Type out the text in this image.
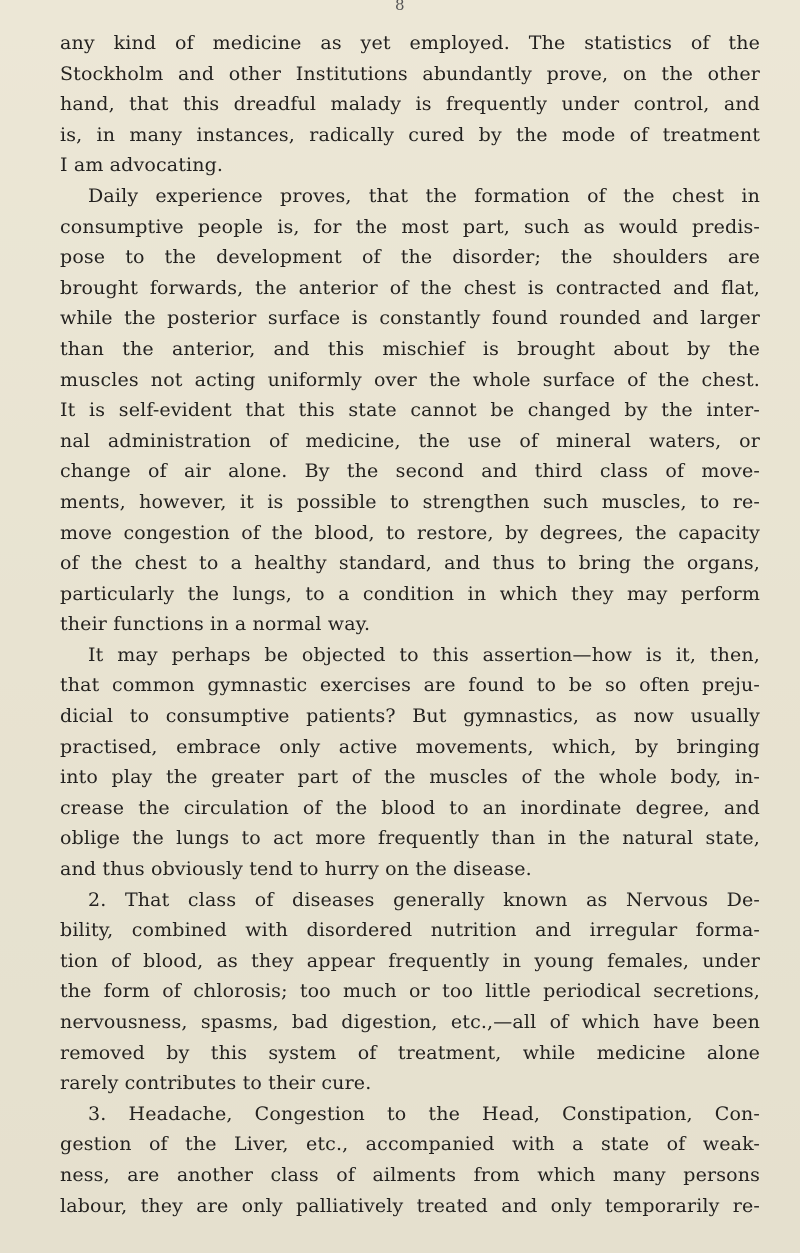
8
any kind of medicine as yet employed. The statistics of the
Stockholm and other Institutions abundantly prove, on the other
hand, that this dreadful malady is frequently under control, and
is, in many instances, radically cured by the mode of treatment
I am advocating.
Daily experience proves, that the formation of the chest in
consumptive people is, for the most part, such as would predis-
pose to the development of the disorder; the shoulders are
brought forwards, the anterior of the chest is contracted and flat,
while the posterior surface is constantly found rounded and larger
than the anterior, and this mischief is brought about by the
muscles not acting uniformly over the whole surface of the chest.
It is self-evident that this state cannot be changed by the inter-
nal administration of medicine, the use of mineral waters, or
change of air alone. By the second and third class of move-
ments, however, it is possible to strengthen such muscles, to re-
move congestion of the blood, to restore, by degrees, the capacity
of the chest to a healthy standard, and thus to bring the organs,
particularly the lungs, to a condition in which they may perform
their functions in a normal way.
It may perhaps be objected to this assertion—how is it, then,
that common gymnastic exercises are found to be so often preju-
dicial to consumptive patients? But gymnastics, as now usually
practised, embrace only active movements, which, by bringing
into play the greater part of the muscles of the whole body, in-
crease the circulation of the blood to an inordinate degree, and
oblige the lungs to act more frequently than in the natural state,
and thus obviously tend to hurry on the disease.
2. That class of diseases generally known as Nervous De-
bility, combined with disordered nutrition and irregular forma-
tion of blood, as they appear frequently in young females, under
the form of chlorosis; too much or too little periodical secretions,
nervousness, spasms, bad digestion, etc.,—all of which have been
removed by this system of treatment, while medicine alone
rarely contributes to their cure.
3. Headache, Congestion to the Head, Constipation, Con-
gestion of the Liver, etc., accompanied with a state of weak-
ness, are another class of ailments from which many persons
labour, they are only palliatively treated and only temporarily re-
